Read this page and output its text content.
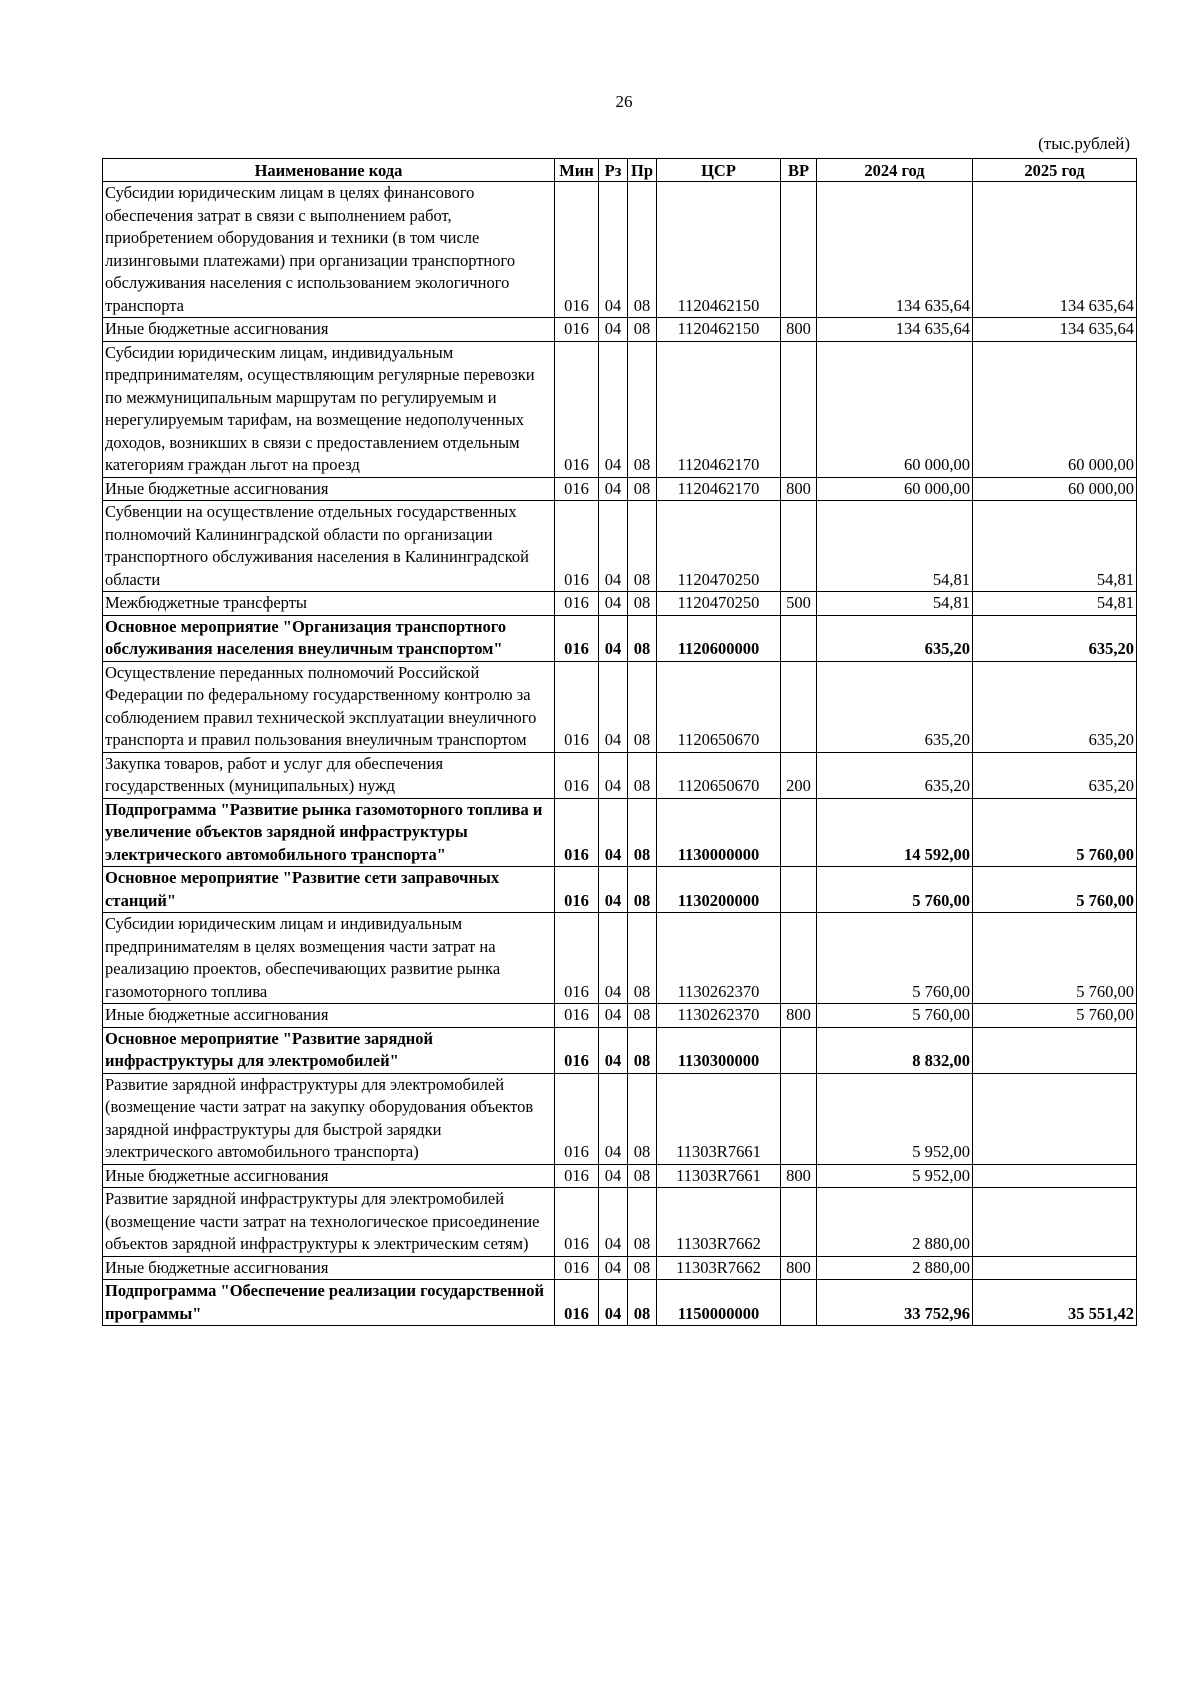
26
(тыс.рублей)
Наименование кода	Мин	Рз	Пр	ЦСР	ВР	2024 год	2025 год
Субсидии юридическим лицам в целях финансового обеспечения затрат в связи с выполнением работ, приобретением оборудования и техники (в том числе лизинговыми платежами) при организации транспортного обслуживания населения с использованием экологичного транспорта	016	04	08	1120462150		134 635,64	134 635,64
Иные бюджетные ассигнования	016	04	08	1120462150	800	134 635,64	134 635,64
Субсидии юридическим лицам, индивидуальным предпринимателям, осуществляющим регулярные перевозки по межмуниципальным маршрутам по регулируемым и нерегулируемым тарифам, на возмещение недополученных доходов, возникших в связи с предоставлением отдельным категориям граждан льгот на проезд	016	04	08	1120462170		60 000,00	60 000,00
Иные бюджетные ассигнования	016	04	08	1120462170	800	60 000,00	60 000,00
Субвенции на осуществление отдельных государственных полномочий Калининградской области по организации транспортного обслуживания населения в Калининградской области	016	04	08	1120470250		54,81	54,81
Межбюджетные трансферты	016	04	08	1120470250	500	54,81	54,81
Основное мероприятие "Организация транспортного обслуживания населения внеуличным транспортом"	016	04	08	1120600000		635,20	635,20
Осуществление переданных полномочий Российской Федерации по федеральному государственному контролю за соблюдением правил технической эксплуатации внеуличного транспорта и правил пользования внеуличным транспортом	016	04	08	1120650670		635,20	635,20
Закупка товаров, работ и услуг для обеспечения государственных (муниципальных) нужд	016	04	08	1120650670	200	635,20	635,20
Подпрограмма "Развитие рынка газомоторного топлива и увеличение объектов зарядной инфраструктуры электрического автомобильного транспорта"	016	04	08	1130000000		14 592,00	5 760,00
Основное мероприятие "Развитие сети заправочных станций"	016	04	08	1130200000		5 760,00	5 760,00
Субсидии юридическим лицам и индивидуальным предпринимателям в целях возмещения части затрат на реализацию проектов, обеспечивающих развитие рынка газомоторного топлива	016	04	08	1130262370		5 760,00	5 760,00
Иные бюджетные ассигнования	016	04	08	1130262370	800	5 760,00	5 760,00
Основное мероприятие "Развитие зарядной инфраструктуры для электромобилей"	016	04	08	1130300000		8 832,00	
Развитие зарядной инфраструктуры для электромобилей (возмещение части затрат на закупку оборудования объектов зарядной инфраструктуры для быстрой зарядки электрического автомобильного транспорта)	016	04	08	11303R7661		5 952,00	
Иные бюджетные ассигнования	016	04	08	11303R7661	800	5 952,00	
Развитие зарядной инфраструктуры для электромобилей (возмещение части затрат на технологическое присоединение объектов зарядной инфраструктуры к электрическим сетям)	016	04	08	11303R7662		2 880,00	
Иные бюджетные ассигнования	016	04	08	11303R7662	800	2 880,00	
Подпрограмма "Обеспечение реализации государственной программы"	016	04	08	1150000000		33 752,96	35 551,42
